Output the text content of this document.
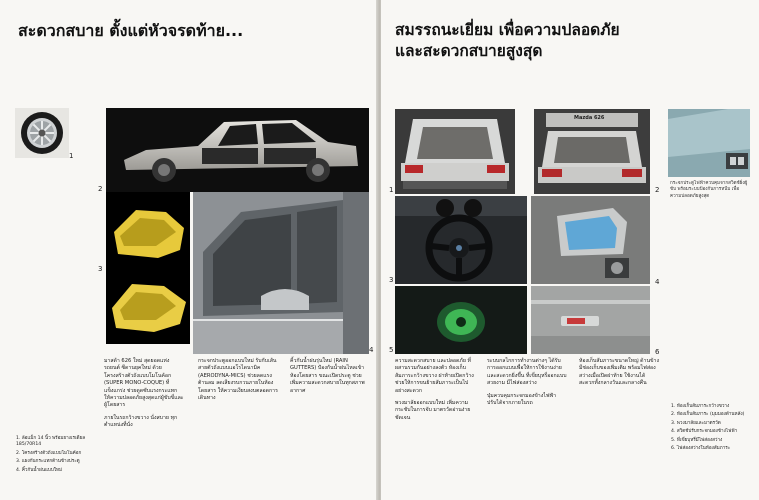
สะดวกสบาย ตั้งแต่หัวจรดท้าย...
1
2
3
4

มาสด้า 626 ใหม่ สุดยอดแห่งรถยนต์ ซีดานยุคใหม่ ด้วยโครงสร้างตัวถังแบบโมโนค้อก (SUPER MONO-COQUE) ที่แข็งแกร่ง ช่วยดูดซับแรงกระแทก ให้ความปลอดภัยสูงสุดแก่ผู้ขับขี่และผู้โดยสาร

ภายในรถกว้างขวาง นั่งสบาย ทุกตำแหน่งที่นั่ง

กระจกประตูออกแบบใหม่ รับกับเส้นสายตัวถังแบบแอโรไดนามิค (AERODYNA-MICS) ช่วยลดแรงต้านลม ลดเสียงรบกวนภายในห้องโดยสาร ให้ความเงียบสงบตลอดการเดินทาง

คิ้วกันน้ำฝนรุ่นใหม่ (RAIN GUTTERS) ป้องกันน้ำฝนไหลเข้าห้องโดยสาร ขณะเปิดประตู ช่วยเพิ่มความสะดวกสบายในทุกสภาพอากาศ

1. ล้อแม็ก 14 นิ้ว พร้อมยางเรเดียล 185/70R14
2. โครงสร้างตัวถังแบบโมโนค้อก
3. แผงกันกระแทกด้านข้างประตู
4. คิ้วกันน้ำฝนแบบใหม่
สมรรถนะเยี่ยม เพื่อความปลอดภัย
และสะดวกสบายสูงสุด
1
Mazda 626
2
กระจกประตูไฟฟ้าควบคุมจากสวิตช์ฝั่งผู้ขับ พร้อมระบบป้องกันการหนีบ เพื่อความปลอดภัยสูงสุด
3	4
5	6

ความสะดวกสบาย และปลอดภัย ที่ผสานรวมกันอย่างลงตัว ห้องเก็บสัมภาระกว้างขวาง ฝาท้ายเปิดกว้าง ช่วยให้การขนย้ายสัมภาระเป็นไปอย่างสะดวก

พวงมาลัยออกแบบใหม่ เพิ่มความกระชับในการจับ มาตรวัดอ่านง่ายชัดเจน

ระบบกลไกการทำงานต่างๆ ได้รับการออกแบบเพื่อให้การใช้งานง่ายและสะดวกยิ่งขึ้น ที่เขี่ยบุหรี่ออกแบบสวยงาม มีไฟส่องสว่าง

ปุ่มควบคุมกระจกมองข้างไฟฟ้า ปรับได้จากภายในรถ

ห้องเก็บสัมภาระขนาดใหญ่ ด้านข้างมีช่องเก็บของเพิ่มเติม พร้อมไฟส่องสว่างเมื่อเปิดฝาท้าย ใช้งานได้สะดวกทั้งกลางวันและกลางคืน

1. ห้องเก็บสัมภาระกว้างขวาง
2. ห้องเก็บสัมภาระ (มุมมองด้านหลัง)
3. พวงมาลัยและมาตรวัด
4. สวิตช์ปรับกระจกมองข้างไฟฟ้า
5. ที่เขี่ยบุหรี่มีไฟส่องสว่าง
6. ไฟส่องสว่างในห้องสัมภาระ
